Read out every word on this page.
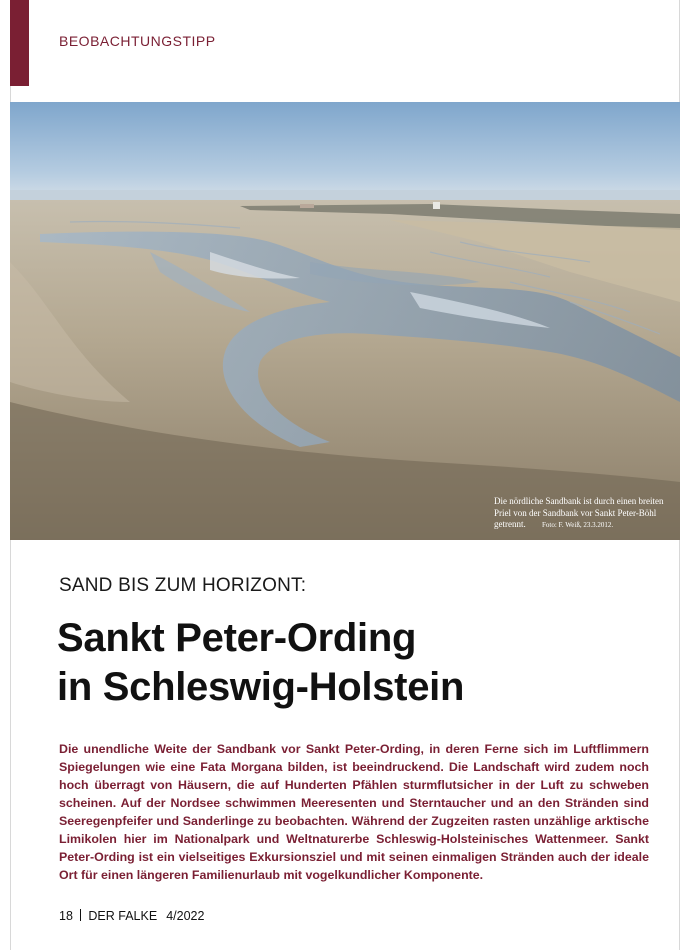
BEOBACHTUNGSTIPP
Die nördliche Sandbank ist durch einen breiten Priel von der Sandbank vor Sankt Peter-Böhl getrennt. Foto: F. Weiß, 23.3.2012.
SAND BIS ZUM HORIZONT:
Sankt Peter-Ording
in Schleswig-Holstein

Die unendliche Weite der Sandbank vor Sankt Peter-Ording, in deren Ferne sich im Luftflimmern Spiegelungen wie eine Fata Morgana bilden, ist beeindruckend. Die Landschaft wird zudem noch hoch überragt von Häusern, die auf Hunderten Pfählen sturmflutsicher in der Luft zu schweben scheinen. Auf der Nordsee schwimmen Meeresenten und Sterntaucher und an den Stränden sind Seeregenpfeifer und Sanderlinge zu beobachten. Während der Zugzeiten rasten unzählige arktische Limikolen hier im Nationalpark und Weltnaturerbe Schleswig-Holsteinisches Wattenmeer. Sankt Peter-Ording ist ein vielseitiges Exkursionsziel und mit seinen einmaligen Stränden auch der ideale Ort für einen längeren Familienurlaub mit vogelkundlicher Komponente.

18 DER FALKE 4/2022
